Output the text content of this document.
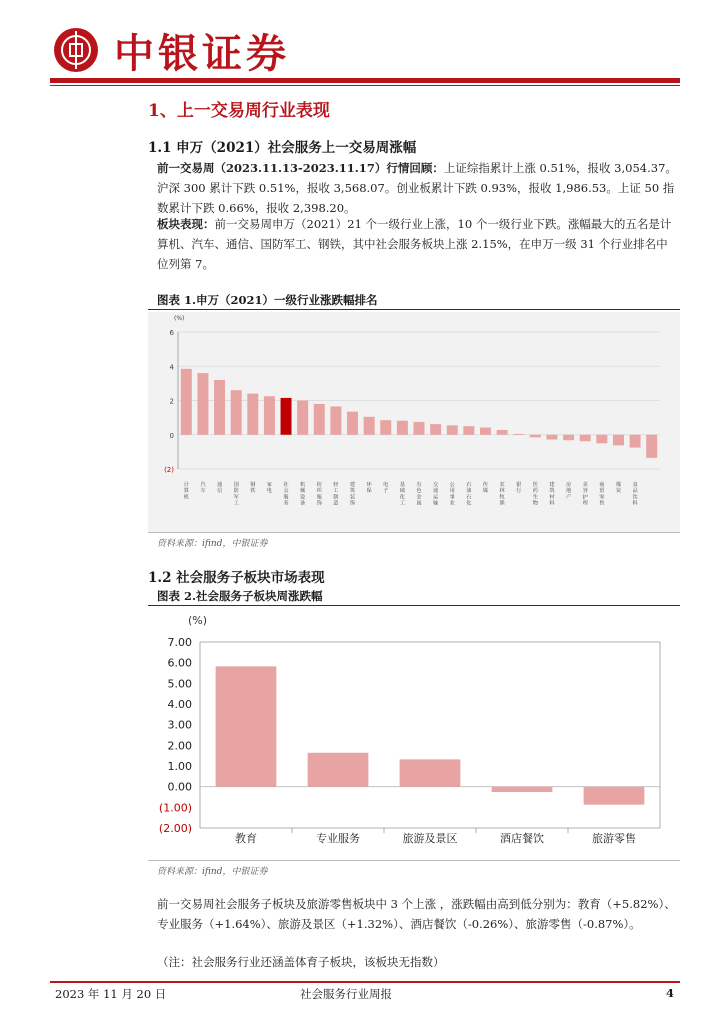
中银证券
1、上一交易周行业表现
1.1 申万（2021）社会服务上一交易周涨幅
前一交易周（2023.11.13-2023.11.17）行情回顾：上证综指累计上涨 0.51%，报收 3,054.37。沪深 300 累计下跌 0.51%，报收 3,568.07。创业板累计下跌 0.93%，报收 1,986.53。上证 50 指数累计下跌 0.66%，报收 2,398.20。
板块表现：前一交易周申万（2021）21 个一级行业上涨，10 个一级行业下跌。涨幅最大的五名是计算机、汽车、通信、国防军工、钢铁，其中社会服务板块上涨 2.15%，在申万一级 31 个行业排名中位列第 7。
图表 1.申万（2021）一级行业涨跌幅排名
6
4
2
0
(2)
(%)
计算机
汽车
通信
国防军工
钢铁
家电
社会服务
机械设备
纺织服饰
轻工制造
建筑装饰
环保
电子
基础化工
有色金属
交通运输
公用事业
石油石化
传媒
农林牧渔
银行
医药生物
建筑材料
房地产
美容护理
商贸零售
煤炭
食品饮料
资料来源：ifind，中银证券
1.2 社会服务子板块市场表现
图表 2.社会服务子板块周涨跌幅
(%)
7.00
6.00
5.00
4.00
3.00
2.00
1.00
0.00
(1.00)
(2.00)
教育	专业服务	旅游及景区	酒店餐饮	旅游零售
资料来源：ifind，中银证券
前一交易周社会服务子板块及旅游零售板块中 3 个上涨 ，涨跌幅由高到低分别为：教育（+5.82%）、专业服务（+1.64%）、旅游及景区（+1.32%）、酒店餐饮（-0.26%）、旅游零售（-0.87%）。
（注：社会服务行业还涵盖体育子板块，该板块无指数）
2023 年 11 月 20 日	社会服务行业周报	4
